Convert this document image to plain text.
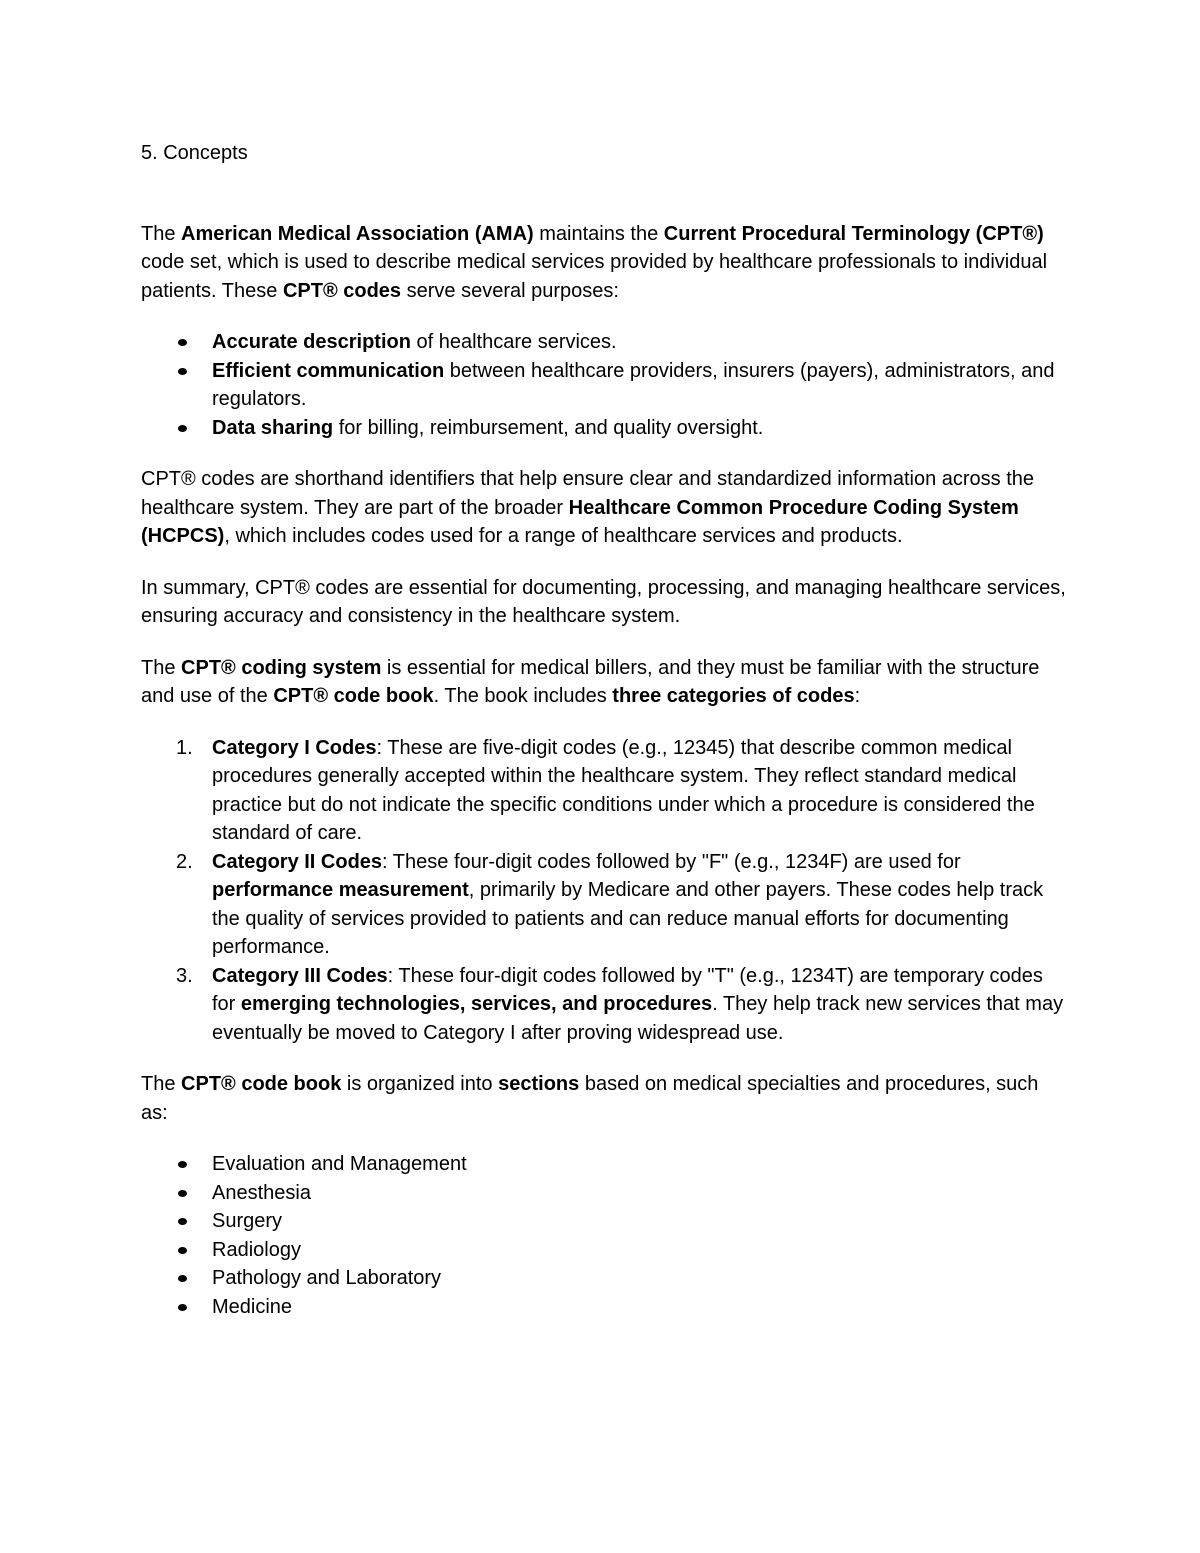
5. Concepts

The American Medical Association (AMA) maintains the Current Procedural Terminology (CPT®) code set, which is used to describe medical services provided by healthcare professionals to individual patients. These CPT® codes serve several purposes:

Accurate description of healthcare services.
Efficient communication between healthcare providers, insurers (payers), administrators, and regulators.
Data sharing for billing, reimbursement, and quality oversight.

CPT® codes are shorthand identifiers that help ensure clear and standardized information across the healthcare system. They are part of the broader Healthcare Common Procedure Coding System (HCPCS), which includes codes used for a range of healthcare services and products.

In summary, CPT® codes are essential for documenting, processing, and managing healthcare services, ensuring accuracy and consistency in the healthcare system.

The CPT® coding system is essential for medical billers, and they must be familiar with the structure and use of the CPT® code book. The book includes three categories of codes:

1. Category I Codes: These are five-digit codes (e.g., 12345) that describe common medical procedures generally accepted within the healthcare system. They reflect standard medical practice but do not indicate the specific conditions under which a procedure is considered the standard of care.
2. Category II Codes: These four-digit codes followed by "F" (e.g., 1234F) are used for performance measurement, primarily by Medicare and other payers. These codes help track the quality of services provided to patients and can reduce manual efforts for documenting performance.
3. Category III Codes: These four-digit codes followed by "T" (e.g., 1234T) are temporary codes for emerging technologies, services, and procedures. They help track new services that may eventually be moved to Category I after proving widespread use.

The CPT® code book is organized into sections based on medical specialties and procedures, such as:

Evaluation and Management
Anesthesia
Surgery
Radiology
Pathology and Laboratory
Medicine
